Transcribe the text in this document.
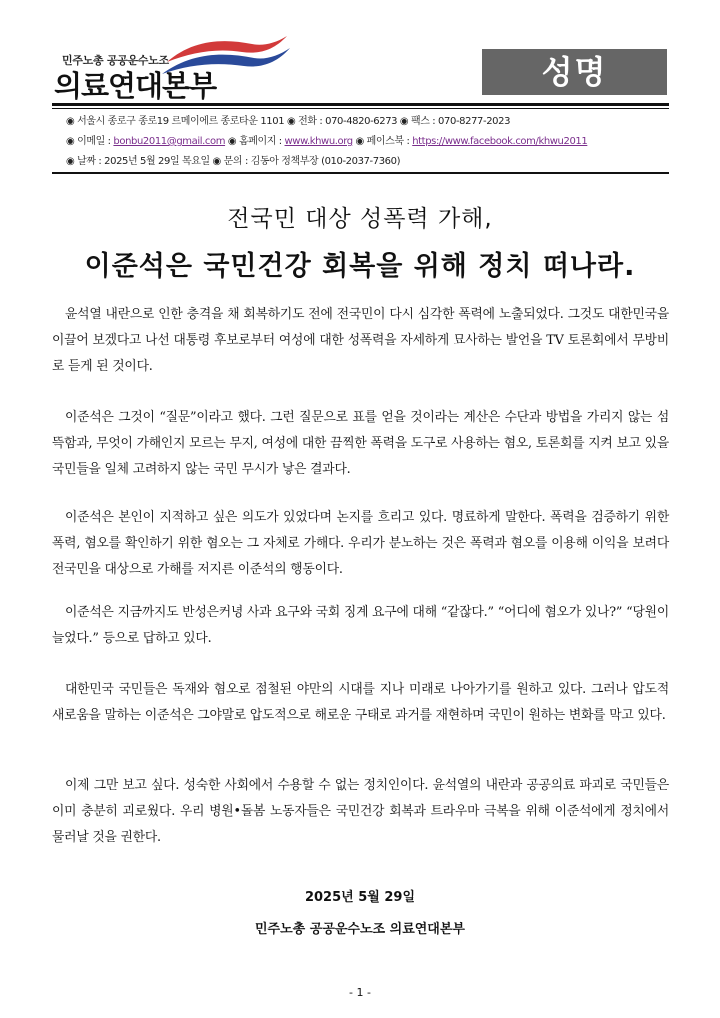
민주노총 공공운수노조
의료연대본부	성명
◉ 서울시 종로구 종로19 르메이에르 종로타운 1101 ◉ 전화 : 070-4820-6273 ◉ 팩스 : 070-8277-2023
◉ 이메일 : bonbu2011@gmail.com ◉ 홈페이지 : www.khwu.org ◉ 페이스북 : https://www.facebook.com/khwu2011
◉ 날짜 : 2025년 5월 29일 목요일 ◉ 문의 : 김동아 정책부장 (010-2037-7360)
전국민 대상 성폭력 가해,
이준석은 국민건강 회복을 위해 정치 떠나라.

윤석열 내란으로 인한 충격을 채 회복하기도 전에 전국민이 다시 심각한 폭력에 노출되었다. 그것도 대한민국을 이끌어 보겠다고 나선 대통령 후보로부터 여성에 대한 성폭력을 자세하게 묘사하는 발언을 TV 토론회에서 무방비로 듣게 된 것이다.

이준석은 그것이 “질문”이라고 했다. 그런 질문으로 표를 얻을 것이라는 계산은 수단과 방법을 가리지 않는 섬뜩함과, 무엇이 가해인지 모르는 무지, 여성에 대한 끔찍한 폭력을 도구로 사용하는 혐오, 토론회를 지켜 보고 있을 국민들을 일체 고려하지 않는 국민 무시가 낳은 결과다.

이준석은 본인이 지적하고 싶은 의도가 있었다며 논지를 흐리고 있다. 명료하게 말한다. 폭력을 검증하기 위한 폭력, 혐오를 확인하기 위한 혐오는 그 자체로 가해다. 우리가 분노하는 것은 폭력과 혐오를 이용해 이익을 보려다 전국민을 대상으로 가해를 저지른 이준석의 행동이다.

이준석은 지금까지도 반성은커녕 사과 요구와 국회 징계 요구에 대해 “같잖다.” “어디에 혐오가 있나?” “당원이 늘었다.” 등으로 답하고 있다.

대한민국 국민들은 독재와 혐오로 점철된 야만의 시대를 지나 미래로 나아가기를 원하고 있다. 그러나 압도적 새로움을 말하는 이준석은 그야말로 압도적으로 해로운 구태로 과거를 재현하며 국민이 원하는 변화를 막고 있다.

이제 그만 보고 싶다. 성숙한 사회에서 수용할 수 없는 정치인이다. 윤석열의 내란과 공공의료 파괴로 국민들은 이미 충분히 괴로웠다. 우리 병원•돌봄 노동자들은 국민건강 회복과 트라우마 극복을 위해 이준석에게 정치에서 물러날 것을 권한다.

2025년 5월 29일
민주노총 공공운수노조 의료연대본부
- 1 -
